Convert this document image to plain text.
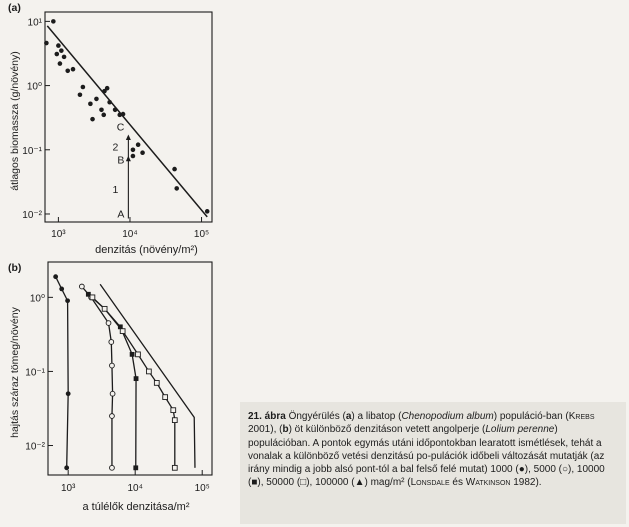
(a)
10³	10⁴	10⁵
10¹
10⁰
10⁻¹
10⁻²
denzitás (növény/m²)
átlagos biomassza (g/növény)
A
B
C
1
2
(b)
10³	10⁴	10⁵
10⁰
10⁻¹
10⁻²
a túlélők denzitása/m²
hajtás száraz tömeg/növény	21. ábra Öngyérülés (a) a libatop (Chenopodium album) populáció-ban (Krebs 2001), (b) öt különböző denzitáson vetett angolperje (Lolium perenne) populációban. A pontok egymás utáni időpontokban learatott ismétlések, tehát a vonalak a különböző vetési denzitású po-pulációk időbeli változását mutatják (az irány mindig a jobb alsó pont-tól a bal felső felé mutat) 1000 (●), 5000 (○), 10000 (■), 50000 (□), 100000 (▲) mag/m² (Lonsdale és Watkinson 1982).
